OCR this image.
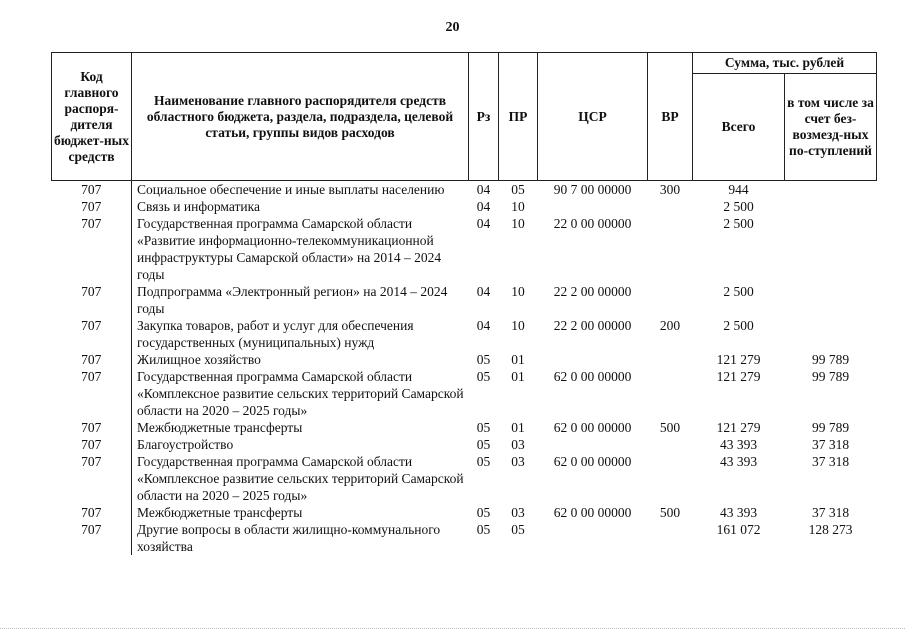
20
Код главного распоря-дителя бюджет-ных средств	Наименование главного распорядителя средств областного бюджета, раздела, подраздела, целевой статьи, группы видов расходов	Рз	ПР	ЦСР	ВР	Сумма, тыс. рублей	
						Всего	в том числе за счет без-возмезд-ных по-ступлений
707	Социальное обеспечение и иные выплаты населению	04	05	90 7 00 00000	300	944	
707	Связь и информатика	04	10			2 500	
707	Государственная программа Самарской области «Развитие информационно-телекоммуникационной инфраструктуры Самарской области» на 2014 – 2024 годы	04	10	22 0 00 00000		2 500	
707	Подпрограмма «Электронный регион» на 2014 – 2024 годы	04	10	22 2 00 00000		2 500	
707	Закупка товаров, работ и услуг для обеспечения государственных (муниципальных) нужд	04	10	22 2 00 00000	200	2 500	
707	Жилищное хозяйство	05	01			121 279	99 789
707	Государственная программа Самарской области «Комплексное развитие сельских территорий Самарской области на 2020 – 2025 годы»	05	01	62 0 00 00000		121 279	99 789
707	Межбюджетные трансферты	05	01	62 0 00 00000	500	121 279	99 789
707	Благоустройство	05	03			43 393	37 318
707	Государственная программа Самарской области «Комплексное развитие сельских территорий Самарской области на 2020 – 2025 годы»	05	03	62 0 00 00000		43 393	37 318
707	Межбюджетные трансферты	05	03	62 0 00 00000	500	43 393	37 318
707	Другие вопросы в области жилищно-коммунального хозяйства	05	05			161 072	128 273
